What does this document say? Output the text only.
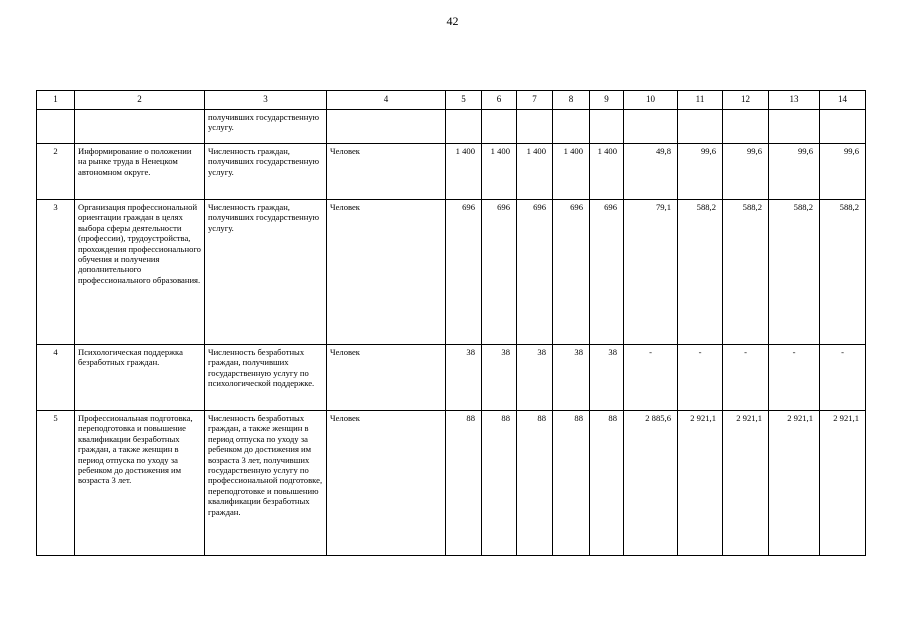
42
1	2	3	4	5	6	7	8	9	10	11	12	13	14
		получивших государственную услугу.											
2	Информирование о положении на рынке труда в Ненецком автономном округе.	Численность граждан, получивших государственную услугу.	Человек	1 400	1 400	1 400	1 400	1 400	49,8	99,6	99,6	99,6	99,6
3	Организация профессиональной ориентации граждан в целях выбора сферы деятельности (профессии), трудоустройства, прохождения профессионального обучения и получения дополнительного профессионального образования.	Численность граждан, получивших государственную услугу.	Человек	696	696	696	696	696	79,1	588,2	588,2	588,2	588,2
4	Психологическая поддержка безработных граждан.	Численность безработных граждан, получивших государственную услугу по психологической поддержке.	Человек	38	38	38	38	38	-	-	-	-	-
5	Профессиональная подготовка, переподготовка и повышение квалификации безработных граждан, а также женщин в период отпуска по уходу за ребенком до достижения им возраста 3 лет.	Численность безработных граждан, а также женщин в период отпуска по уходу за ребенком до достижения им возраста 3 лет, получивших государственную услугу по профессиональной подготовке, переподготовке и повышению квалификации безработных граждан.	Человек	88	88	88	88	88	2 885,6	2 921,1	2 921,1	2 921,1	2 921,1
